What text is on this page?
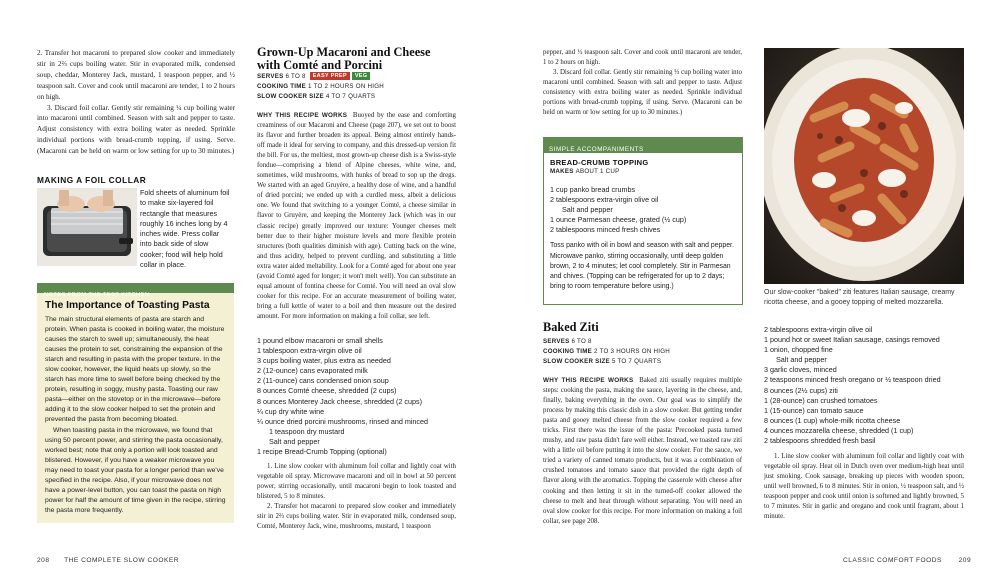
2. Transfer hot macaroni to prepared slow cooker and immediately stir in 2⅔ cups boiling water. Stir in evaporated milk, condensed soup, cheddar, Monterey Jack, mustard, 1 teaspoon pepper, and ½ teaspoon salt. Cover and cook until macaroni are tender, 1 to 2 hours on high.

3. Discard foil collar. Gently stir remaining ¼ cup boiling water into macaroni until combined. Season with salt and pepper to taste. Adjust consistency with extra boiling water as needed. Sprinkle individual portions with bread-crumb topping, if using. Serve. (Macaroni can be held on warm or low setting for up to 30 minutes.)

MAKING A FOIL COLLAR
Fold sheets of aluminum foil to make six-layered foil rectangle that measures roughly 16 inches long by 4 inches wide. Press collar into back side of slow cooker; food will help hold collar in place.
NOTES FROM THE TEST KITCHEN
The Importance of Toasting Pasta

The main structural elements of pasta are starch and protein. When pasta is cooked in boiling water, the moisture causes the starch to swell up; simultaneously, the heat causes the protein to set, constraining the expansion of the starch and resulting in pasta with the proper texture. In the slow cooker, however, the liquid heats up slowly, so the starch has more time to swell before being checked by the protein, resulting in soggy, mushy pasta. Toasting our raw pasta—either on the stovetop or in the microwave—before adding it to the slow cooker helped to set the protein and prevented the pasta from becoming bloated.

When toasting pasta in the microwave, we found that using 50 percent power, and stirring the pasta occasionally, worked best; note that only a portion will look toasted and blistered. However, if you have a weaker microwave you may need to toast your pasta for a longer period than we've specified in the recipe. Also, if your microwave does not have a power-level button, you can toast the pasta on high power for half the amount of time given in the recipe, stirring the pasta more frequently.

Grown-Up Macaroni and Cheese
with Comté and Porcini
SERVES 6 TO 8 EASY PREP VEG
COOKING TIME 1 TO 2 HOURS ON HIGH
SLOW COOKER SIZE 4 TO 7 QUARTS
WHY THIS RECIPE WORKS Buoyed by the ease and comforting creaminess of our Macaroni and Cheese (page 207), we set out to boost its flavor and further broaden its appeal. Being almost entirely hands-off made it ideal for serving to company, and this dressed-up version fit the bill. For us, the meltiest, most grown-up cheese dish is a Swiss-style fondue—comprising a blend of Alpine cheeses, white wine, and, sometimes, wild mushrooms, with hunks of bread to sop up the dregs. We started with an aged Gruyère, a healthy dose of wine, and a handful of dried porcini; we ended up with a curdled mess, albeit a delicious one. We found that switching to a younger Comté, a cheese similar in flavor to Gruyère, and keeping the Monterey Jack (which was in our classic recipe) greatly improved our texture: Younger cheeses melt better due to their higher moisture levels and more flexible protein structures (both qualities diminish with age). Cutting back on the wine, and thus acidity, helped to prevent curdling, and substituting a little extra water aided meltability. Look for a Comté aged for about one year (avoid Comté aged for longer; it won't melt well). You can substitute an equal amount of fontina cheese for Comté. You will need an oval slow cooker for this recipe. For an accurate measurement of boiling water, bring a full kettle of water to a boil and then measure out the desired amount. For more information on making a foil collar, see left.
1 pound elbow macaroni or small shells
1 tablespoon extra-virgin olive oil
3 cups boiling water, plus extra as needed
2 (12-ounce) cans evaporated milk
2 (11-ounce) cans condensed onion soup
8 ounces Comté cheese, shredded (2 cups)
8 ounces Monterey Jack cheese, shredded (2 cups)
¼ cup dry white wine
¼ ounce dried porcini mushrooms, rinsed and minced
1 teaspoon dry mustard
Salt and pepper
1 recipe Bread-Crumb Topping (optional)

1. Line slow cooker with aluminum foil collar and lightly coat with vegetable oil spray. Microwave macaroni and oil in bowl at 50 percent power, stirring occasionally, until macaroni begin to look toasted and blistered, 5 to 8 minutes.

2. Transfer hot macaroni to prepared slow cooker and immediately stir in 2⅔ cups boiling water. Stir in evaporated milk, condensed soup, Comté, Monterey Jack, wine, mushrooms, mustard, 1 teaspoon

208 THE COMPLETE SLOW COOKER

pepper, and ½ teaspoon salt. Cover and cook until macaroni are tender, 1 to 2 hours on high.

3. Discard foil collar. Gently stir remaining ⅓ cup boiling water into macaroni until combined. Season with salt and pepper to taste. Adjust consistency with extra boiling water as needed. Sprinkle individual portions with bread-crumb topping, if using. Serve. (Macaroni can be held on warm or low setting for up to 30 minutes.)

SIMPLE ACCOMPANIMENTS
BREAD-CRUMB TOPPING
MAKES ABOUT 1 CUP
1 cup panko bread crumbs
2 tablespoons extra-virgin olive oil
Salt and pepper
1 ounce Parmesan cheese, grated (½ cup)
2 tablespoons minced fresh chives
Toss panko with oil in bowl and season with salt and pepper. Microwave panko, stirring occasionally, until deep golden brown, 2 to 4 minutes; let cool completely. Stir in Parmesan and chives. (Topping can be refrigerated for up to 2 days; bring to room temperature before using.)
Baked Ziti
SERVES 6 TO 8
COOKING TIME 2 TO 3 HOURS ON HIGH
SLOW COOKER SIZE 5 TO 7 QUARTS
WHY THIS RECIPE WORKS Baked ziti usually requires multiple steps: cooking the pasta, making the sauce, layering in the cheese, and, finally, baking everything in the oven. Our goal was to simplify the process by making this classic dish in a slow cooker. But getting tender pasta and gooey melted cheese from the slow cooker required a few tricks. First there was the issue of the pasta: Precooked pasta turned mushy, and raw pasta didn't fare well either. Instead, we toasted raw ziti with a little oil before putting it into the slow cooker. For the sauce, we tried a variety of canned tomato products, but it was a combination of crushed tomatoes and tomato sauce that provided the right depth of flavor along with the aromatics. Topping the casserole with cheese after cooking and then letting it sit in the turned-off cooker allowed the cheese to melt and heat through without separating. You will need an oval slow cooker for this recipe. For more information on making a foil collar, see page 208.
Our slow-cooker "baked" ziti features Italian sausage, creamy ricotta cheese, and a gooey topping of melted mozzarella.
2 tablespoons extra-virgin olive oil
1 pound hot or sweet Italian sausage, casings removed
1 onion, chopped fine
Salt and pepper
3 garlic cloves, minced
2 teaspoons minced fresh oregano or ½ teaspoon dried
8 ounces (2½ cups) ziti
1 (28-ounce) can crushed tomatoes
1 (15-ounce) can tomato sauce
8 ounces (1 cup) whole-milk ricotta cheese
4 ounces mozzarella cheese, shredded (1 cup)
2 tablespoons shredded fresh basil
1. Line slow cooker with aluminum foil collar and lightly coat with vegetable oil spray. Heat oil in Dutch oven over medium-high heat until just smoking. Cook sausage, breaking up pieces with wooden spoon, until well browned, 6 to 8 minutes. Stir in onion, ½ teaspoon salt, and ½ teaspoon pepper and cook until onion is softened and lightly browned, 5 to 7 minutes. Stir in garlic and oregano and cook until fragrant, about 1 minute.
CLASSIC COMFORT FOODS	209
